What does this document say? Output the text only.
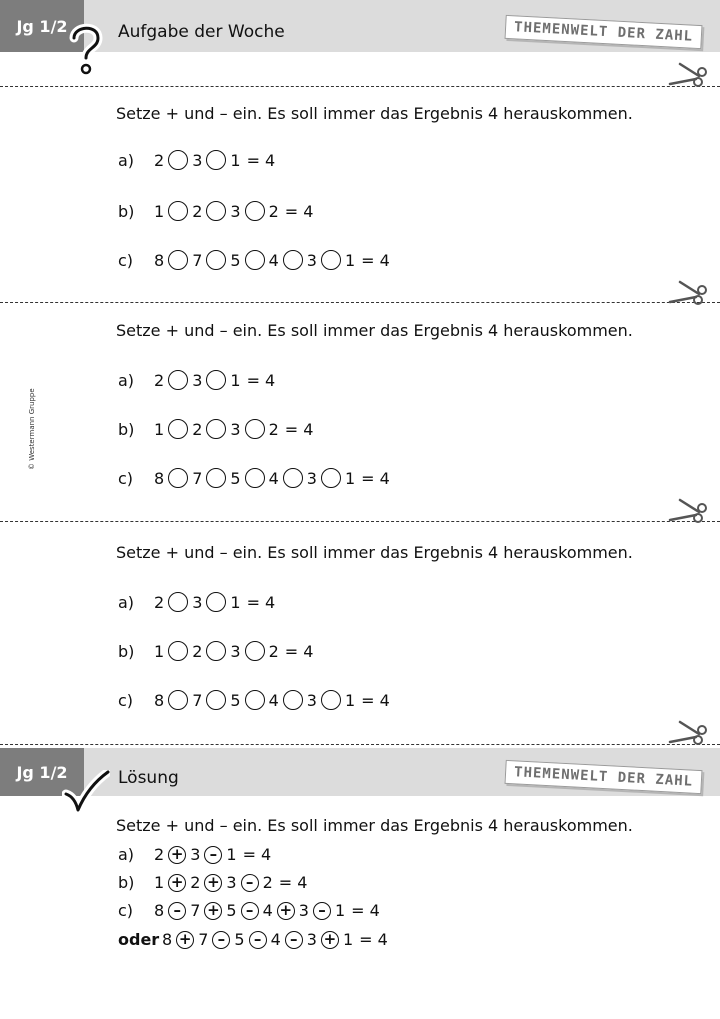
Jg 1/2	Aufgabe der Woche	THEMENWELT DER ZAHL
Setze + und – ein. Es soll immer das Ergebnis 4 herauskommen.
a)	2 3 1 = 4
b)	1 2 3 2 = 4
c)	8 7 5 4 3 1 = 4
Setze + und – ein. Es soll immer das Ergebnis 4 herauskommen.
a)	2 3 1 = 4
b)	1 2 3 2 = 4
c)	8 7 5 4 3 1 = 4
© Westermann Gruppe
Setze + und – ein. Es soll immer das Ergebnis 4 herauskommen.
a)	2 3 1 = 4
b)	1 2 3 2 = 4
c)	8 7 5 4 3 1 = 4
Jg 1/2	Lösung	THEMENWELT DER ZAHL
Setze + und – ein. Es soll immer das Ergebnis 4 herauskommen.
a)	2 + 3 – 1 = 4
b)	1 + 2 + 3 – 2 = 4
c)	8 – 7 + 5 – 4 + 3 – 1 = 4
oder 8 + 7 – 5 – 4 – 3 + 1 = 4
